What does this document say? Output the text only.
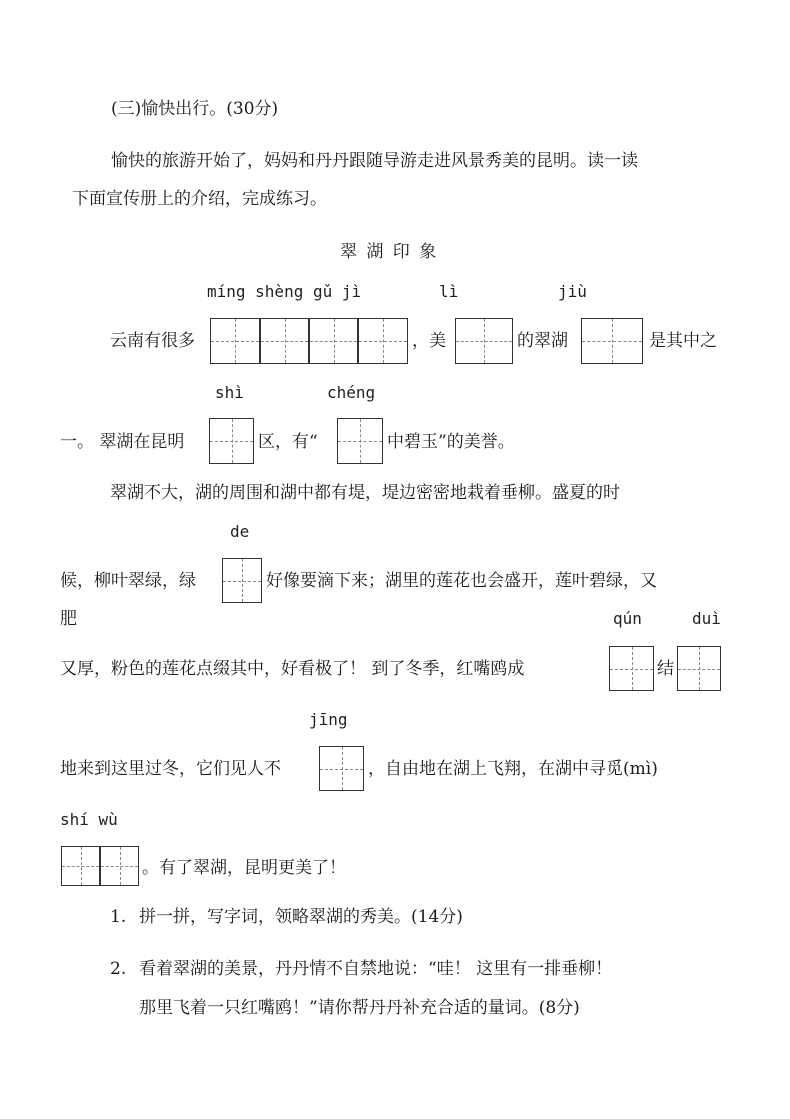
(三)愉快出行。(30分)
愉快的旅游开始了，妈妈和丹丹跟随导游走进风景秀美的昆明。读一读
下面宣传册上的介绍，完成练习。
翠 湖 印 象
míng shèng gǔ jì	lì	jiù
云南有很多	，美	的翠湖	是其中之
shì	chéng
一。 翠湖在昆明	区，有“	中碧玉”的美誉。
翠湖不大，湖的周围和湖中都有堤，堤边密密地栽着垂柳。盛夏的时
de
候，柳叶翠绿，绿	好像要滴下来；湖里的莲花也会盛开，莲叶碧绿，又
肥	qún	duì
又厚，粉色的莲花点缀其中，好看极了！ 到了冬季，红嘴鸥成	结
jīng
地来到这里过冬，它们见人不	，自由地在湖上飞翔，在湖中寻觅(mì)
shí wù
。有了翠湖，昆明更美了！
1. 拼一拼，写字词，领略翠湖的秀美。(14分)
2. 看着翠湖的美景，丹丹情不自禁地说：“哇！ 这里有一排垂柳！
那里飞着一只红嘴鸥！”请你帮丹丹补充合适的量词。(8分)
